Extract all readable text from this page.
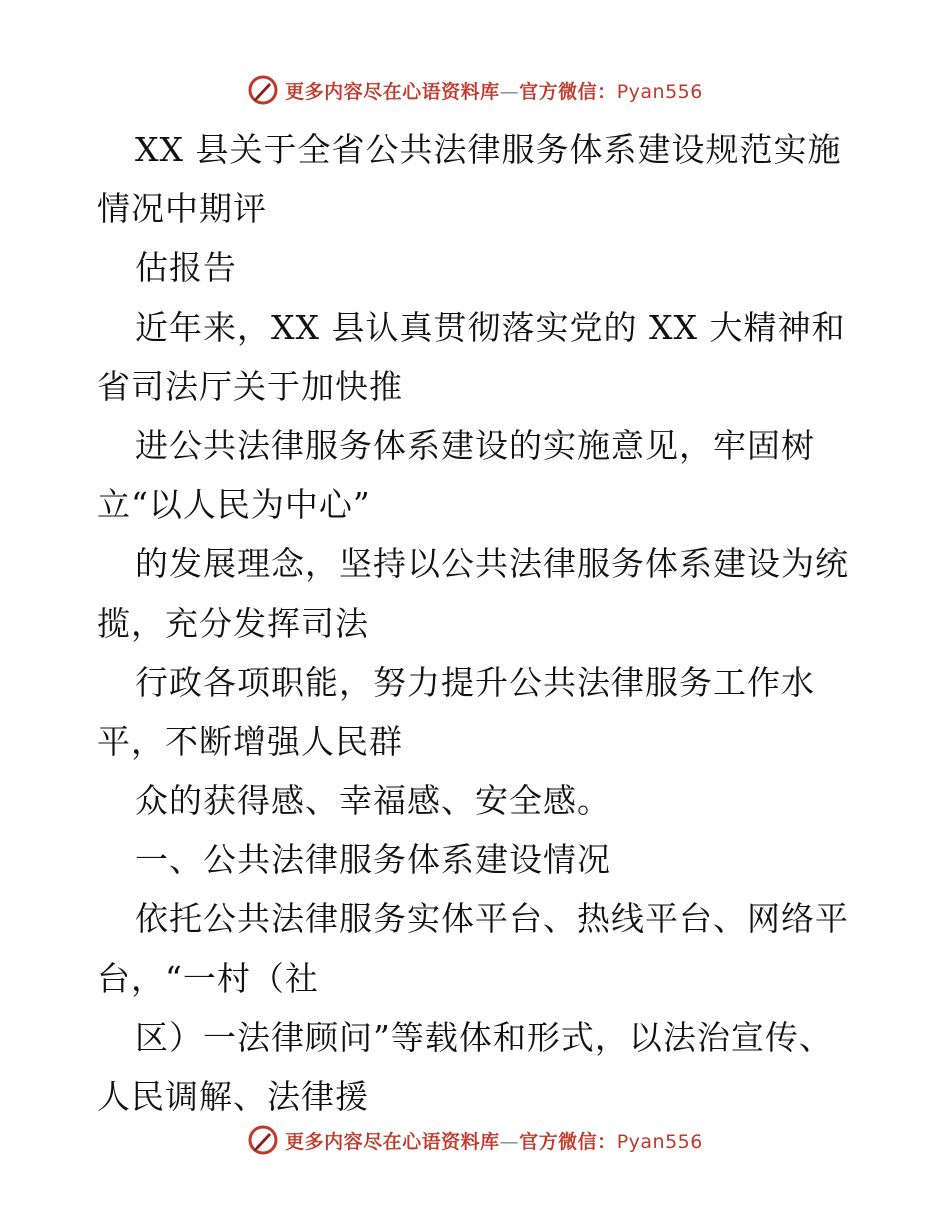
更多内容尽在心语资料库—官方微信：Pyan556
XX 县关于全省公共法律服务体系建设规范实施
情况中期评
估报告
近年来，XX 县认真贯彻落实党的 XX 大精神和
省司法厅关于加快推
进公共法律服务体系建设的实施意见，牢固树
立“以人民为中心”
的发展理念，坚持以公共法律服务体系建设为统
揽，充分发挥司法
行政各项职能，努力提升公共法律服务工作水
平，不断增强人民群
众的获得感、幸福感、安全感。
一、公共法律服务体系建设情况
依托公共法律服务实体平台、热线平台、网络平
台，“一村（社
区）一法律顾问”等载体和形式，以法治宣传、
人民调解、法律援
更多内容尽在心语资料库—官方微信：Pyan556
